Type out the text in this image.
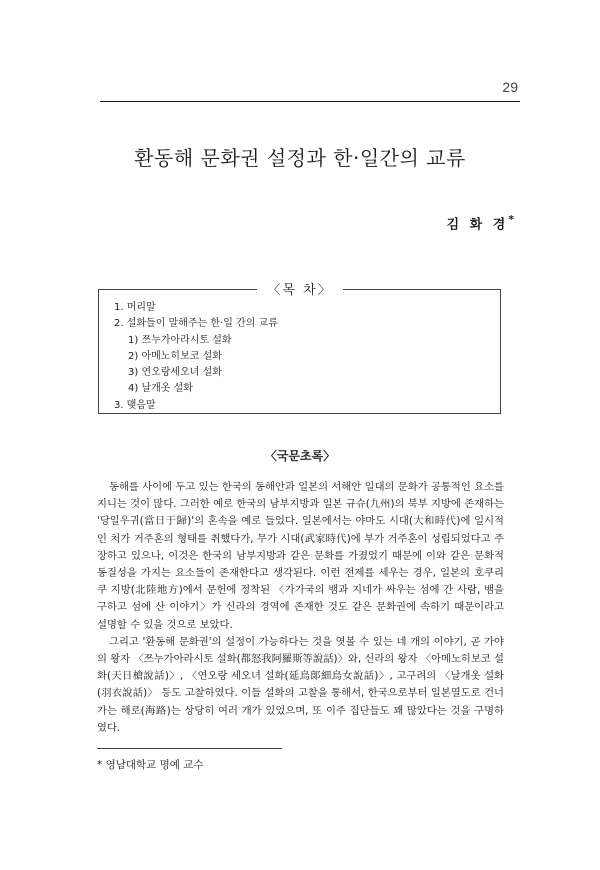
29
환동해 문화권 설정과 한·일간의 교류
김 화 경*
〈목 차〉
1. 머리말
2. 설화들이 말해주는 한·일 간의 교류
1) 쯔누가아라시토 설화
2) 아메노히보코 설화
3) 연오랑세오녀 설화
4) 날개옷 설화
3. 맺음말
〈국문초록〉

동해를 사이에 두고 있는 한국의 동해안과 일본의 서해안 일대의 문화가 공통적인 요소를 지니는 것이 많다. 그러한 예로 한국의 남부지방과 일본 규슈(九州)의 북부 지방에 존재하는 '당일우귀(當日于歸)'의 혼속을 예로 들었다. 일본에서는 야마도 시대(大和時代)에 일시적인 처가 거주혼의 형태를 취했다가, 무가 시대(武家時代)에 부가 거주혼이 성립되었다고 주장하고 있으나, 이것은 한국의 남부지방과 같은 문화를 가졌었기 때문에 이와 같은 문화적 동질성을 가지는 요소들이 존재한다고 생각된다. 이런 전제를 세우는 경우, 일본의 호쿠리쿠 지방(北陸地方)에서 문헌에 정착된 〈가가국의 뱀과 지네가 싸우는 섬에 간 사람, 뱀을 구하고 섬에 산 이야기〉가 신라의 경역에 존재한 것도 같은 문화권에 속하기 때문이라고 설명할 수 있을 것으로 보았다.

그리고 '환동해 문화권'의 설정이 가능하다는 것을 엿볼 수 있는 네 개의 이야기, 곧 가야의 왕자 〈쯔누가아라시토 설화(都怒我阿羅斯等說話)〉와, 신라의 왕자 〈아메노히보코 설화(天日槍說話)〉, 〈연오랑 세오녀 설화(延烏郞細烏女說話)〉, 고구려의 〈날개옷 설화(羽衣說話)〉 등도 고찰하였다. 이들 설화의 고찰을 통해서, 한국으로부터 일본열도로 건너가는 해로(海路)는 상당히 여러 개가 있었으며, 또 이주 집단들도 꽤 많았다는 것을 구명하였다.

* 영남대학교 명예 교수
